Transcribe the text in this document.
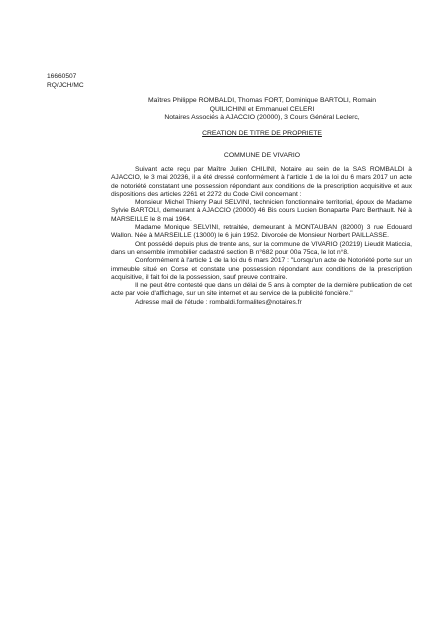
16660507
RQ/JCH/MC
Maîtres Philippe ROMBALDI, Thomas FORT, Dominique BARTOLI, Romain
QUILICHINI et Emmanuel CELERI
Notaires Associés à AJACCIO (20000), 3 Cours Général Leclerc,
CREATION DE TITRE DE PROPRIETE
COMMUNE DE VIVARIO

Suivant acte reçu par Maître Julien CHILINI, Notaire au sein de la SAS ROMBALDI à AJACCIO, le 3 mai 20236, il a été dressé conformément à l'article 1 de la loi du 6 mars 2017 un acte de notoriété constatant une possession répondant aux conditions de la prescription acquisitive et aux dispositions des articles 2261 et 2272 du Code Civil concernant :

Monsieur Michel Thierry Paul SELVINI, technicien fonctionnaire territorial, époux de Madame Sylvie BARTOLI, demeurant à AJACCIO (20000) 46 Bis cours Lucien Bonaparte Parc Berthault. Né à MARSEILLE le 8 mai 1964.

Madame Monique SELVINI, retraitée, demeurant à MONTAUBAN (82000) 3 rue Edouard Wallon. Née à MARSEILLE (13000) le 6 juin 1952. Divorcée de Monsieur Norbert PAILLASSE.

Ont possédé depuis plus de trente ans, sur la commune de VIVARIO (20219) Lieudit Maticcia, dans un ensemble immobilier cadastré section B n°682 pour 00a 75ca, le lot n°8.

Conformément à l'article 1 de la loi du 6 mars 2017 : "Lorsqu'un acte de Notoriété porte sur un immeuble situé en Corse et constate une possession répondant aux conditions de la prescription acquisitive, il fait foi de la possession, sauf preuve contraire.

Il ne peut être contesté que dans un délai de 5 ans à compter de la dernière publication de cet acte par voie d'affichage, sur un site internet et au service de la publicité foncière."

Adresse mail de l'étude : rombaldi.formalites@notaires.fr
